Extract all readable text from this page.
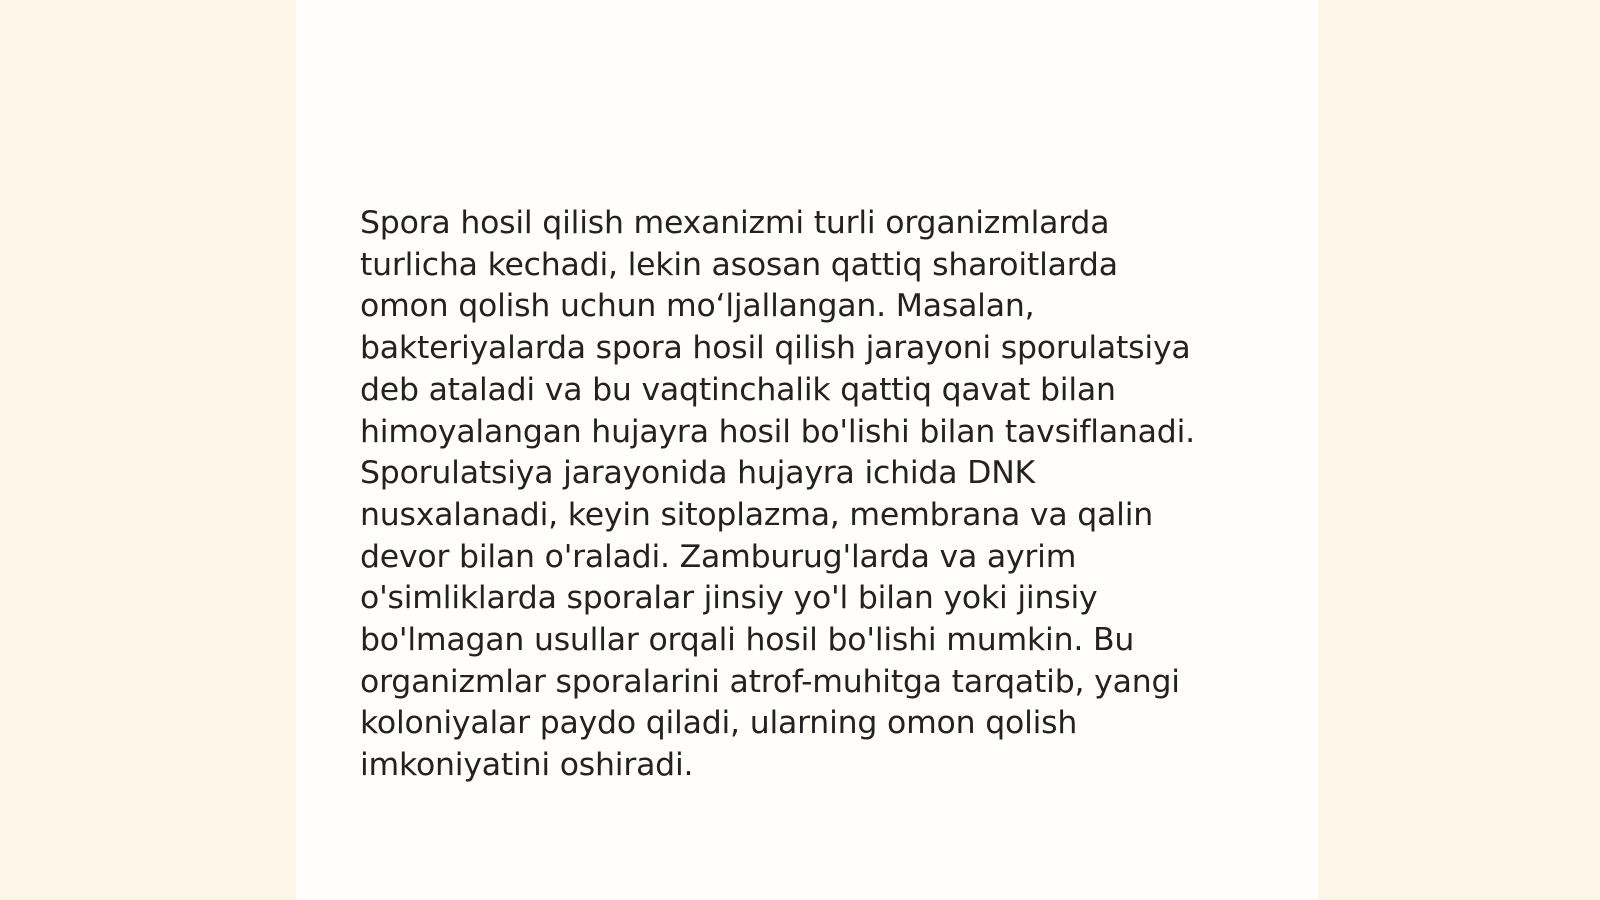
Spora hosil qilish mexanizmi turli organizmlarda
turlicha kechadi, lekin asosan qattiq sharoitlarda
omon qolish uchun mo‘ljallangan. Masalan,
bakteriyalarda spora hosil qilish jarayoni sporulatsiya
deb ataladi va bu vaqtinchalik qattiq qavat bilan
himoyalangan hujayra hosil bo'lishi bilan tavsiflanadi.
Sporulatsiya jarayonida hujayra ichida DNK
nusxalanadi, keyin sitoplazma, membrana va qalin
devor bilan o'raladi. Zamburug'larda va ayrim
o'simliklarda sporalar jinsiy yo'l bilan yoki jinsiy
bo'lmagan usullar orqali hosil bo'lishi mumkin. Bu
organizmlar sporalarini atrof-muhitga tarqatib, yangi
koloniyalar paydo qiladi, ularning omon qolish
imkoniyatini oshiradi.
